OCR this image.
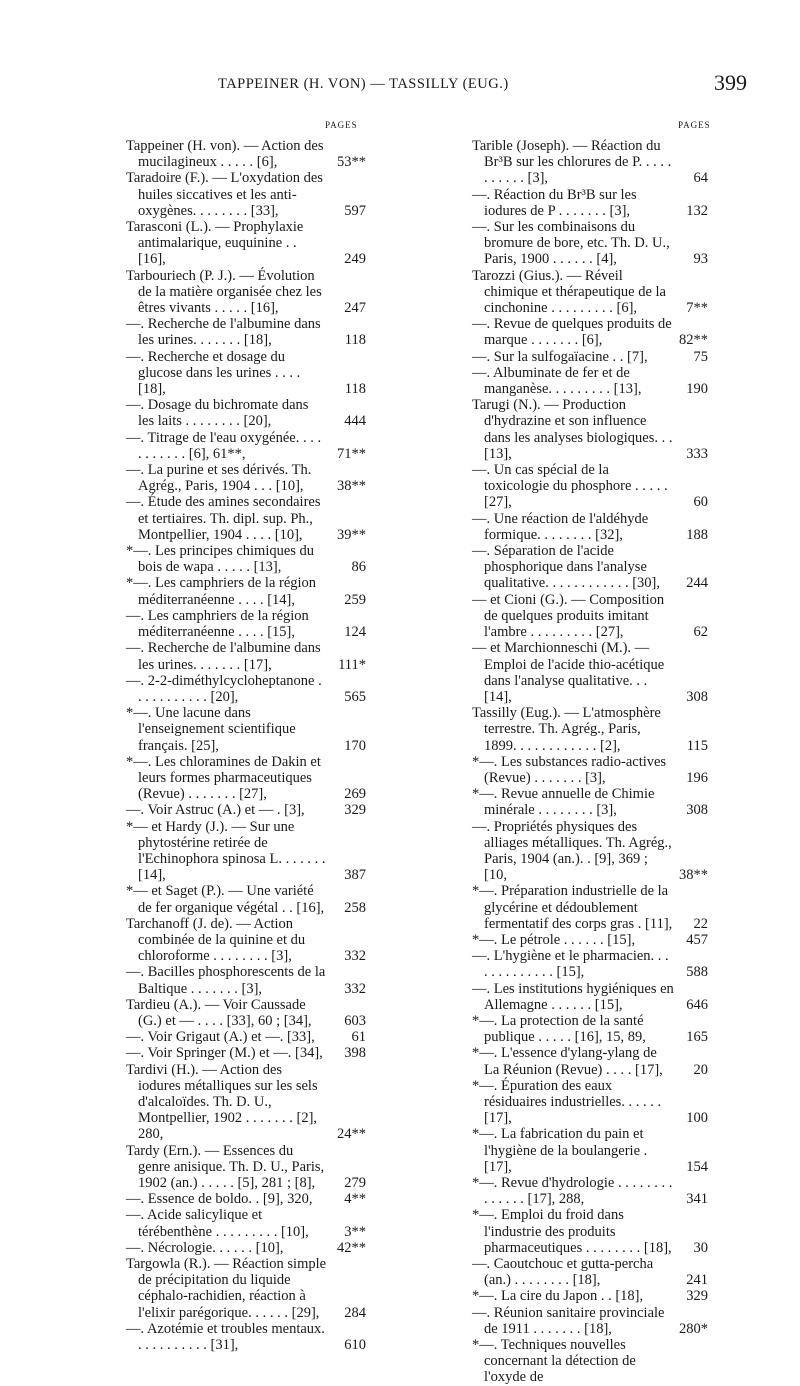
TAPPEINER (H. VON) — TASSILLY (EUG.)	399
PAGES	PAGES
Tappeiner (H. von). — Action des mucilagineux . . . . . [6],	53**
Taradoire (F.). — L'oxydation des huiles siccatives et les anti-oxygènes. . . . . . . . [33],	597
Tarasconi (L.). — Prophylaxie antimalarique, euquinine . . [16],	249
Tarbouriech (P. J.). — Évolution de la matière organisée chez les êtres vivants . . . . . [16],	247
—. Recherche de l'albumine dans les urines. . . . . . . [18],	118
—. Recherche et dosage du glucose dans les urines . . . . [18],	118
—. Dosage du bichromate dans les laits . . . . . . . . [20],	444
—. Titrage de l'eau oxygénée. . . . . . . . . . . [6], 61**,	71**
—. La purine et ses dérivés. Th. Agrég., Paris, 1904 . . . [10],	38**
—. Étude des amines secondaires et tertiaires. Th. dipl. sup. Ph., Montpellier, 1904 . . . . [10],	39**
*—. Les principes chimiques du bois de wapa . . . . . [13],	86
*—. Les camphriers de la région méditerranéenne . . . . [14],	259
—. Les camphriers de la région méditerranéenne . . . . [15],	124
—. Recherche de l'albumine dans les urines. . . . . . . [17],	111*
—. 2-2-diméthylcycloheptanone . . . . . . . . . . . [20],	565
*—. Une lacune dans l'enseignement scientifique français. [25],	170
*—. Les chloramines de Dakin et leurs formes pharmaceutiques (Revue) . . . . . . . [27],	269
—. Voir Astruc (A.) et — . [3],	329
*— et Hardy (J.). — Sur une phytostérine retirée de l'Echinophora spinosa L. . . . . . . [14],	387
*— et Saget (P.). — Une variété de fer organique végétal . . [16], 258
Tarchanoff (J. de). — Action combinée de la quinine et du chloroforme . . . . . . . . [3],	332
—. Bacilles phosphorescents de la Baltique . . . . . . . [3],	332
Tardieu (A.). — Voir Caussade (G.) et — . . . . [33], 60 ; [34],	603
—. Voir Grigaut (A.) et —. [33],	61
—. Voir Springer (M.) et —. [34],	398
Tardivi (H.). — Action des iodures métalliques sur les sels d'alcaloïdes. Th. D. U., Montpellier, 1902 . . . . . . . [2], 280,	24**
Tardy (Ern.). — Essences du genre anisique. Th. D. U., Paris, 1902 (an.) . . . . . [5], 281 ; [8],	279
—. Essence de boldo. . [9], 320,	4**
—. Acide salicylique et térébenthène . . . . . . . . . [10],	3**
—. Nécrologie. . . . . . [10],	42**
Targowla (R.). — Réaction simple de précipitation du liquide céphalo-rachidien, réaction à l'elixir parégorique. . . . . . [29],	284
—. Azotémie et troubles mentaux. . . . . . . . . . . [31],	610
Tarible (Joseph). — Réaction du Br³B sur les chlorures de P. . . . . . . . . . . [3],	64
—. Réaction du Br³B sur les iodures de P . . . . . . . [3],	132
—. Sur les combinaisons du bromure de bore, etc. Th. D. U., Paris, 1900 . . . . . . [4],	93
Tarozzi (Gius.). — Réveil chimique et thérapeutique de la cinchonine . . . . . . . . . [6],	7**
—. Revue de quelques produits de marque . . . . . . . [6],	82**
—. Sur la sulfogaïacine . . [7],	75
—. Albuminate de fer et de manganèse. . . . . . . . . [13],	190
Tarugi (N.). — Production d'hydrazine et son influence dans les analyses biologiques. . . [13],	333
—. Un cas spécial de la toxicologie du phosphore . . . . . [27],	60
—. Une réaction de l'aldéhyde formique. . . . . . . . [32],	188
—. Séparation de l'acide phosphorique dans l'analyse qualitative. . . . . . . . . . . . [30],	244
— et Cioni (G.). — Composition de quelques produits imitant l'ambre . . . . . . . . . [27],	62
— et Marchionneschi (M.). — Emploi de l'acide thio-acétique dans l'analyse qualitative. . . [14],	308
Tassilly (Eug.). — L'atmosphère terrestre. Th. Agrég., Paris, 1899. . . . . . . . . . . . [2],	115
*—. Les substances radio-actives (Revue) . . . . . . . [3],	196
*—. Revue annuelle de Chimie minérale . . . . . . . . [3],	308
—. Propriétés physiques des alliages métalliques. Th. Agrég., Paris, 1904 (an.). . [9], 369 ; [10,	38**
*—. Préparation industrielle de la glycérine et dédoublement fermentatif des corps gras . [11], 22
*—. Le pétrole . . . . . . [15],	457
—. L'hygiène et le pharmacien. . . . . . . . . . . . . [15],	588
—. Les institutions hygiéniques en Allemagne . . . . . . [15],	646
*—. La protection de la santé publique . . . . . [16], 15, 89,	165
*—. L'essence d'ylang-ylang de La Réunion (Revue) . . . . [17],	20
*—. Épuration des eaux résiduaires industrielles. . . . . . [17],	100
*—. La fabrication du pain et l'hygiène de la boulangerie . [17],	154
*—. Revue d'hydrologie . . . . . . . . . . . . . . [17], 288,	341
*—. Emploi du froid dans l'industrie des produits pharmaceutiques . . . . . . . . [18], 30
—. Caoutchouc et gutta-percha (an.) . . . . . . . . [18],	241
*—. La cire du Japon . . [18],	329
—. Réunion sanitaire provinciale de 1911 . . . . . . . [18],	280*
*—. Techniques nouvelles concernant la détection de l'oxyde de
